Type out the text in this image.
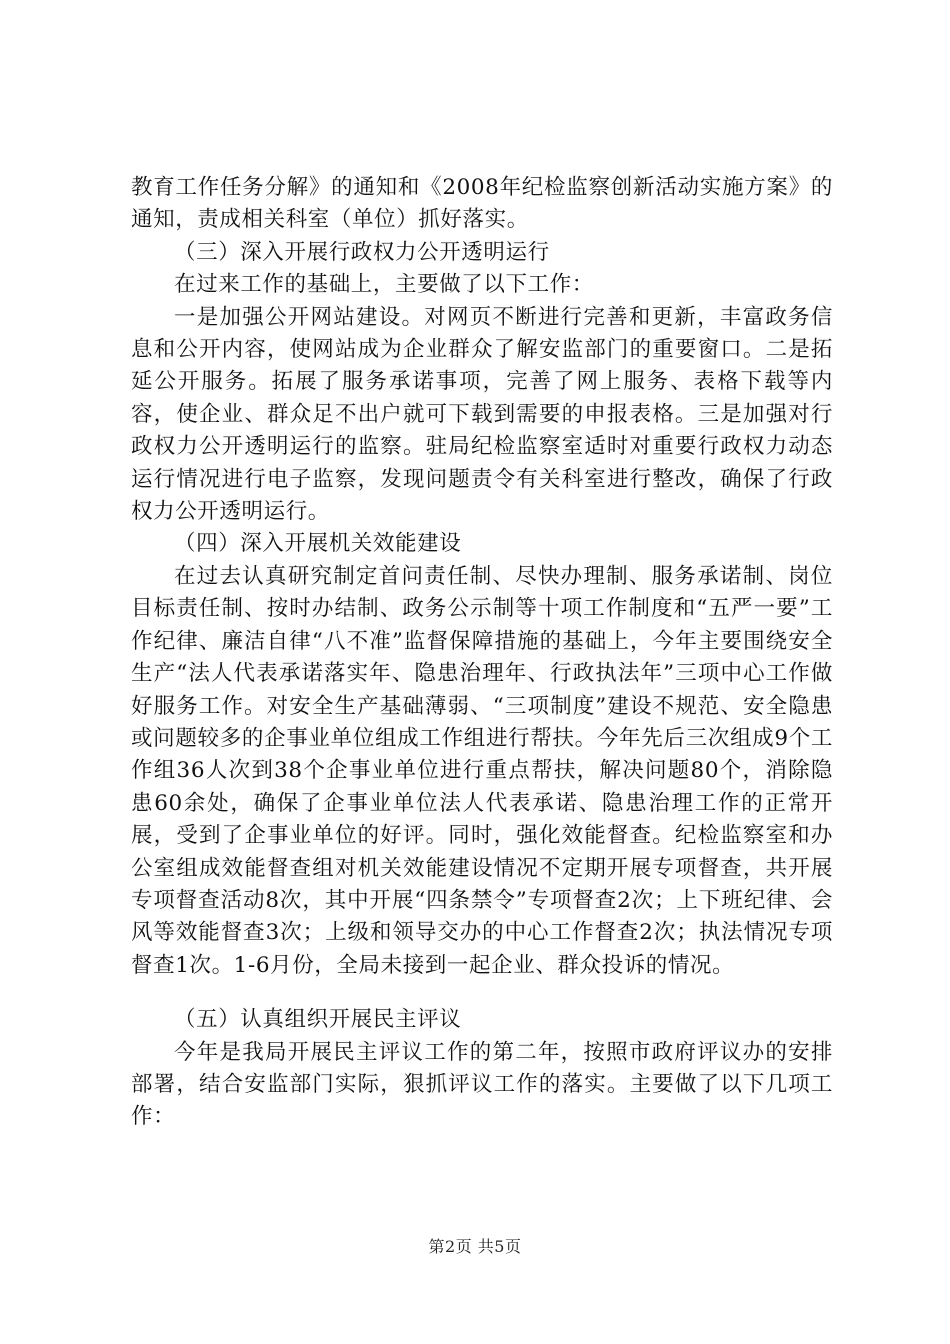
教育工作任务分解》的通知和《2008年纪检监察创新活动实施方案》的通知，责成相关科室（单位）抓好落实。

（三）深入开展行政权力公开透明运行

在过来工作的基础上，主要做了以下工作：

一是加强公开网站建设。对网页不断进行完善和更新，丰富政务信息和公开内容，使网站成为企业群众了解安监部门的重要窗口。二是拓延公开服务。拓展了服务承诺事项，完善了网上服务、表格下载等内容，使企业、群众足不出户就可下载到需要的申报表格。三是加强对行政权力公开透明运行的监察。驻局纪检监察室适时对重要行政权力动态运行情况进行电子监察，发现问题责令有关科室进行整改，确保了行政权力公开透明运行。

（四）深入开展机关效能建设

在过去认真研究制定首问责任制、尽快办理制、服务承诺制、岗位目标责任制、按时办结制、政务公示制等十项工作制度和“五严一要”工作纪律、廉洁自律“八不准”监督保障措施的基础上，今年主要围绕安全生产“法人代表承诺落实年、隐患治理年、行政执法年”三项中心工作做好服务工作。对安全生产基础薄弱、“三项制度”建设不规范、安全隐患或问题较多的企事业单位组成工作组进行帮扶。今年先后三次组成9个工作组36人次到38个企事业单位进行重点帮扶，解决问题80个，消除隐患60余处，确保了企事业单位法人代表承诺、隐患治理工作的正常开展，受到了企事业单位的好评。同时，强化效能督查。纪检监察室和办公室组成效能督查组对机关效能建设情况不定期开展专项督查，共开展专项督查活动8次，其中开展“四条禁令”专项督查2次；上下班纪律、会风等效能督查3次；上级和领导交办的中心工作督查2次；执法情况专项督查1次。1-6月份，全局未接到一起企业、群众投诉的情况。

（五）认真组织开展民主评议

今年是我局开展民主评议工作的第二年，按照市政府评议办的安排部署，结合安监部门实际，狠抓评议工作的落实。主要做了以下几项工作：

第2页 共5页
